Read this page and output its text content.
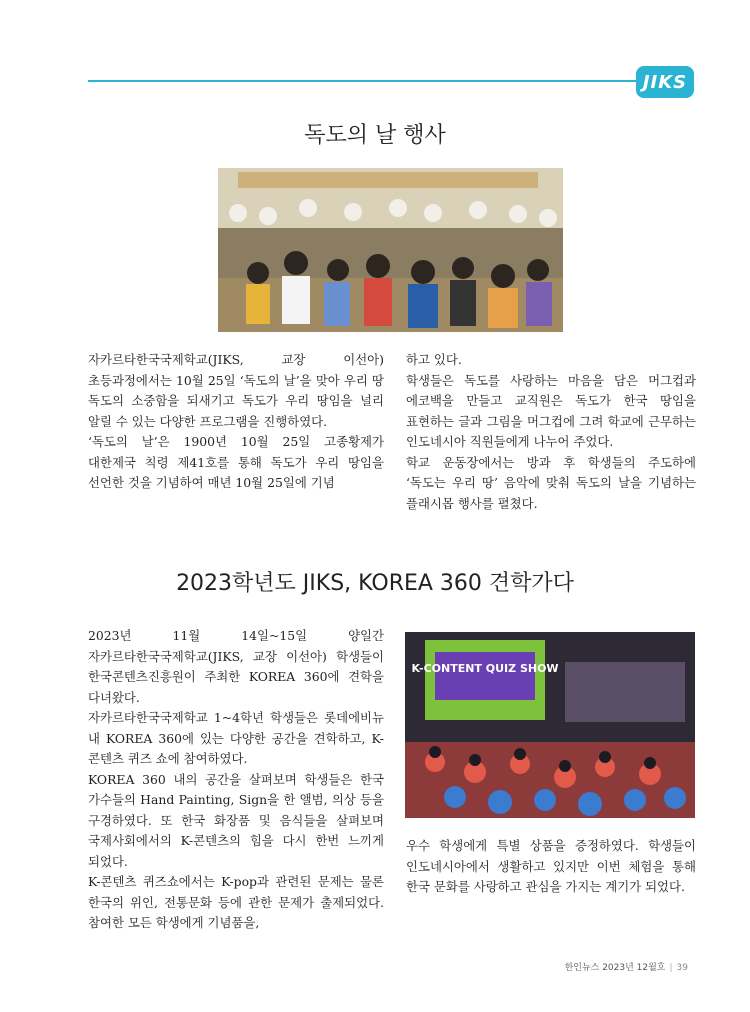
JIKS
독도의 날 행사

자카르타한국국제학교(JIKS, 교장 이선아) 초등과정에서는 10월 25일 ‘독도의 날’을 맞아 우리 땅 독도의 소중함을 되새기고 독도가 우리 땅임을 널리 알릴 수 있는 다양한 프로그램을 진행하였다.

‘독도의 날’은 1900년 10월 25일 고종황제가 대한제국 칙령 제41호를 통해 독도가 우리 땅임을 선언한 것을 기념하여 매년 10월 25일에 기념

하고 있다.

학생들은 독도를 사랑하는 마음을 담은 머그컵과 에코백을 만들고 교직원은 독도가 한국 땅임을 표현하는 글과 그림을 머그컵에 그려 학교에 근무하는 인도네시아 직원들에게 나누어 주었다.

학교 운동장에서는 방과 후 학생들의 주도하에 ‘독도는 우리 땅’ 음악에 맞춰 독도의 날을 기념하는 플래시몹 행사를 펼쳤다.

2023학년도 JIKS, KOREA 360 견학가다

2023년 11월 14일~15일 양일간 자카르타한국국제학교(JIKS, 교장 이선아) 학생들이 한국콘텐츠진흥원이 주최한 KOREA 360에 견학을 다녀왔다.

자카르타한국국제학교 1~4학년 학생들은 롯데에비뉴 내 KOREA 360에 있는 다양한 공간을 견학하고, K-콘텐츠 퀴즈 쇼에 참여하였다.

KOREA 360 내의 공간을 살펴보며 학생들은 한국 가수들의 Hand Painting, Sign을 한 앨범, 의상 등을 구경하였다. 또 한국 화장품 및 음식들을 살펴보며 국제사회에서의 K-콘텐츠의 힘을 다시 한번 느끼게 되었다.

K-콘텐츠 퀴즈쇼에서는 K-pop과 관련된 문제는 물론 한국의 위인, 전통문화 등에 관한 문제가 출제되었다. 참여한 모든 학생에게 기념품을,

K-CONTENT QUIZ SHOW

우수 학생에게 특별 상품을 증정하였다. 학생들이 인도네시아에서 생활하고 있지만 이번 체험을 통해 한국 문화를 사랑하고 관심을 가지는 계기가 되었다.

한인뉴스 2023년 12월호 | 39
